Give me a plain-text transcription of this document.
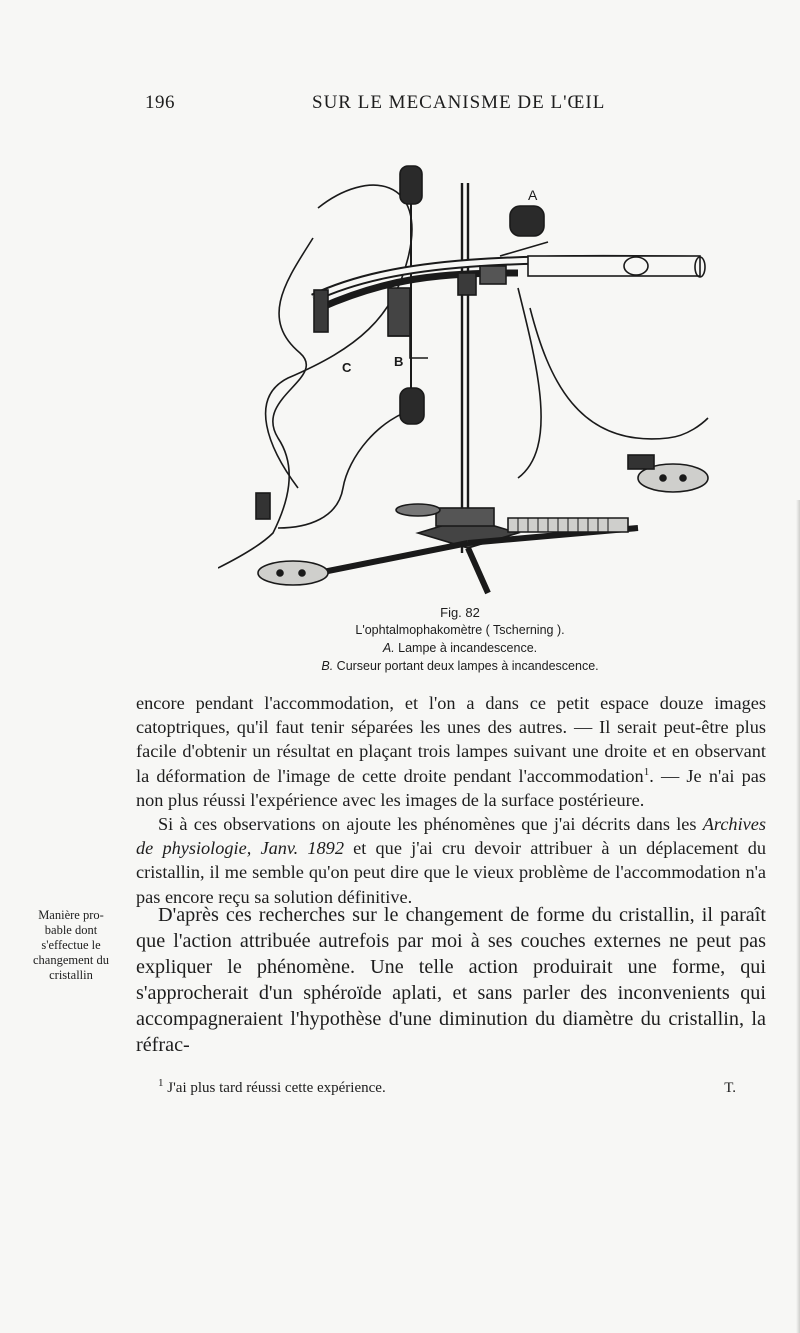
196	SUR LE MECANISME DE L'ŒIL
A
B
C
Fig. 82
L'ophtalmophakomètre ( Tscherning ).
A. Lampe à incandescence.
B. Curseur portant deux lampes à incandescence.

encore pendant l'accommodation, et l'on a dans ce petit espace douze images catoptriques, qu'il faut tenir séparées les unes des autres. — Il serait peut-être plus facile d'obtenir un résultat en plaçant trois lampes suivant une droite et en observant la déformation de l'image de cette droite pendant l'accommodation$^1$. — Je n'ai pas non plus réussi l'expérience avec les images de la surface postérieure.

Si à ces observations on ajoute les phénomènes que j'ai décrits dans les Archives de physiologie, Janv. 1892 et que j'ai cru devoir attribuer à un déplacement du cristallin, il me semble qu'on peut dire que le vieux problème de l'accommodation n'a pas encore reçu sa solution définitive.

Manière pro-
bable dont
s'effectue le
changement du
cristallin

D'après ces recherches sur le changement de forme du cristallin, il paraît que l'action attribuée autrefois par moi à ses couches externes ne peut pas expliquer le phénomène. Une telle action produirait une forme, qui s'approcherait d'un sphéroïde aplati, et sans parler des inconvenients qui accompagneraient l'hypothèse d'une diminution du diamètre du cristallin, la réfrac-

$^1$ J'ai plus tard réussi cette expérience.	T.
